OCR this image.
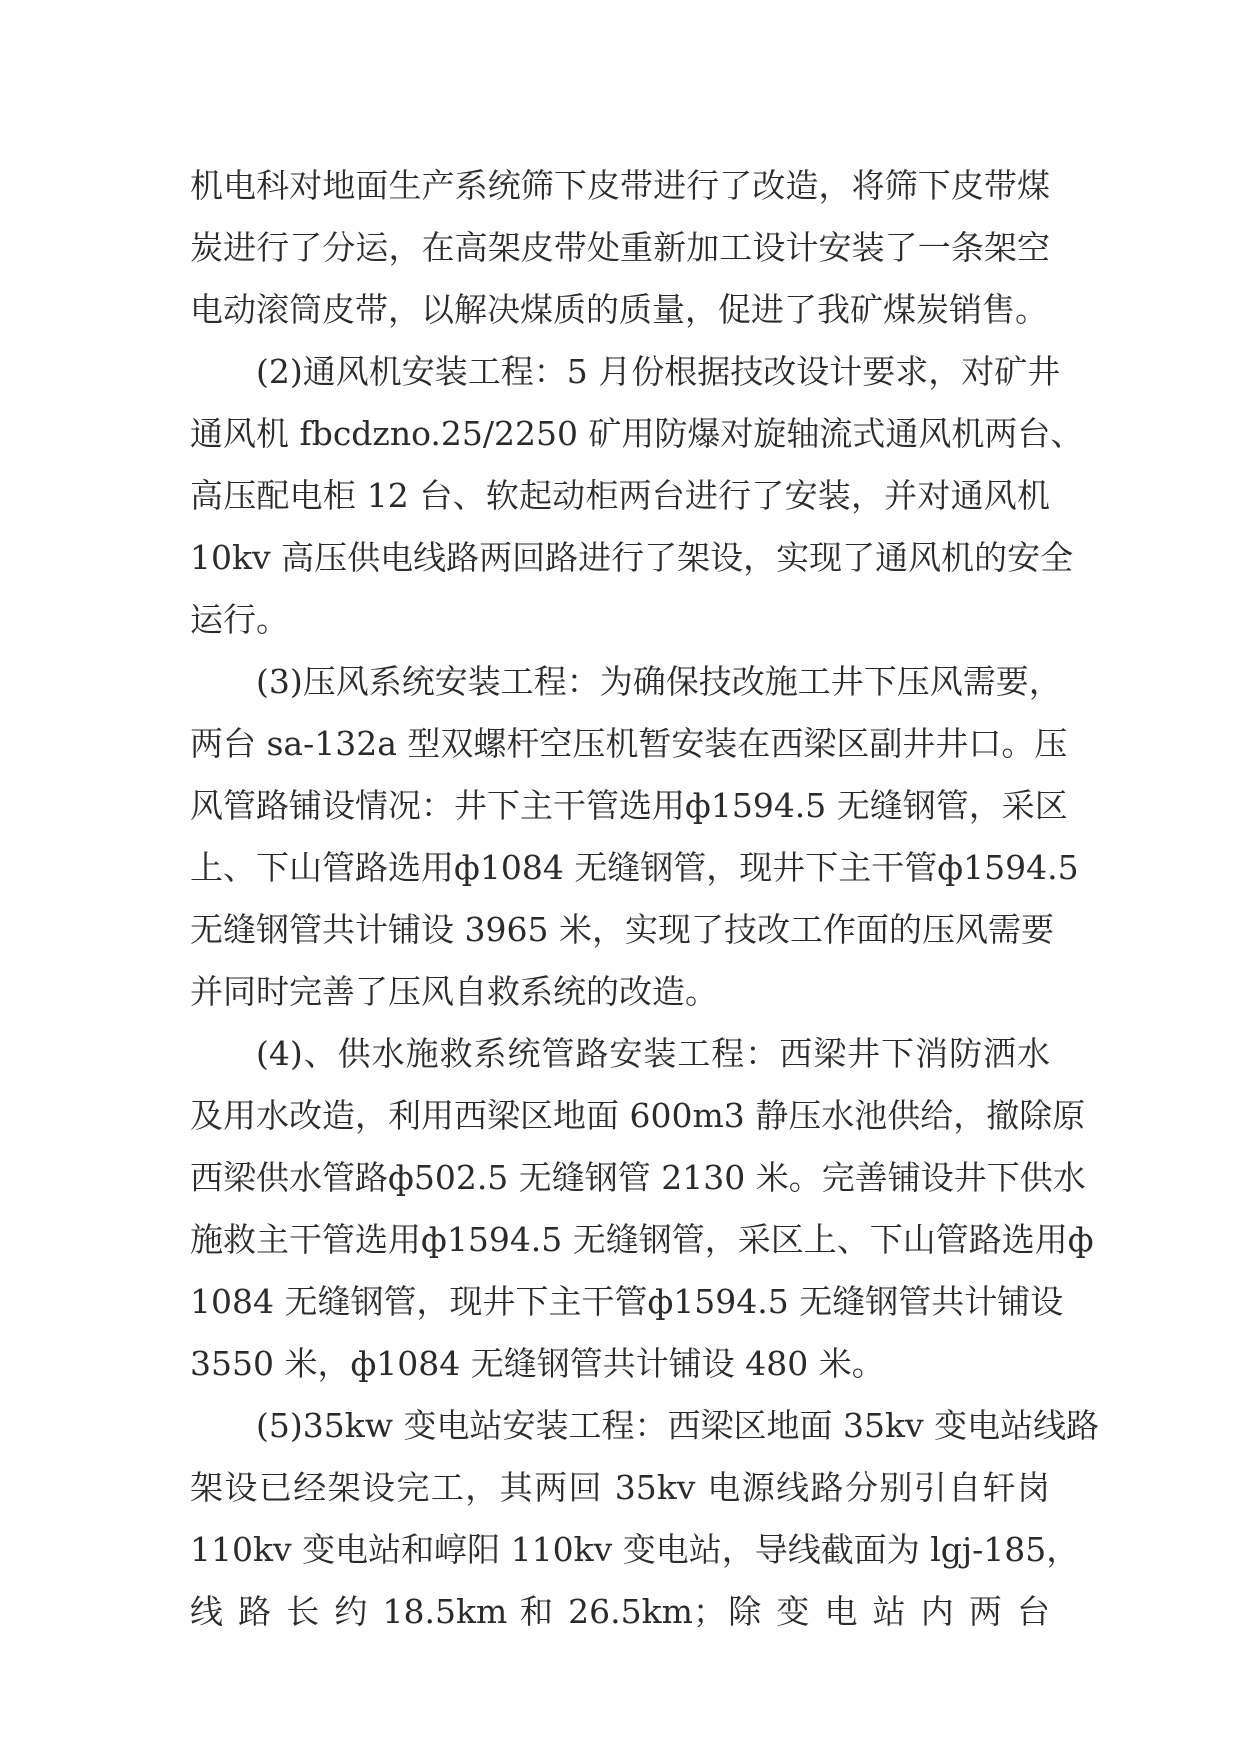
机电科对地面生产系统筛下皮带进行了改造，将筛下皮带煤
炭进行了分运，在高架皮带处重新加工设计安装了一条架空
电动滚筒皮带，以解决煤质的质量，促进了我矿煤炭销售。
(2)通风机安装工程：5 月份根据技改设计要求，对矿井
通风机 fbcdzno.25/2250 矿用防爆对旋轴流式通风机两台、
高压配电柜 12 台、软起动柜两台进行了安装，并对通风机
10kv 高压供电线路两回路进行了架设，实现了通风机的安全
运行。
(3)压风系统安装工程：为确保技改施工井下压风需要，
两台 sa-132a 型双螺杆空压机暂安装在西梁区副井井口。压
风管路铺设情况：井下主干管选用ф1594.5 无缝钢管，采区
上、下山管路选用ф1084 无缝钢管，现井下主干管ф1594.5
无缝钢管共计铺设 3965 米，实现了技改工作面的压风需要
并同时完善了压风自救系统的改造。
(4)、供水施救系统管路安装工程：西梁井下消防洒水
及用水改造，利用西梁区地面 600m3 静压水池供给，撤除原
西梁供水管路ф502.5 无缝钢管 2130 米。完善铺设井下供水
施救主干管选用ф1594.5 无缝钢管，采区上、下山管路选用ф
1084 无缝钢管，现井下主干管ф1594.5 无缝钢管共计铺设
3550 米，ф1084 无缝钢管共计铺设 480 米。
(5)35kw 变电站安装工程：西梁区地面 35kv 变电站线路
架设已经架设完工，其两回 35kv 电源线路分别引自轩岗
110kv 变电站和崞阳 110kv 变电站，导线截面为 lgj-185，
线 路 长 约 18.5km 和 26.5km；除 变 电 站 内 两 台
